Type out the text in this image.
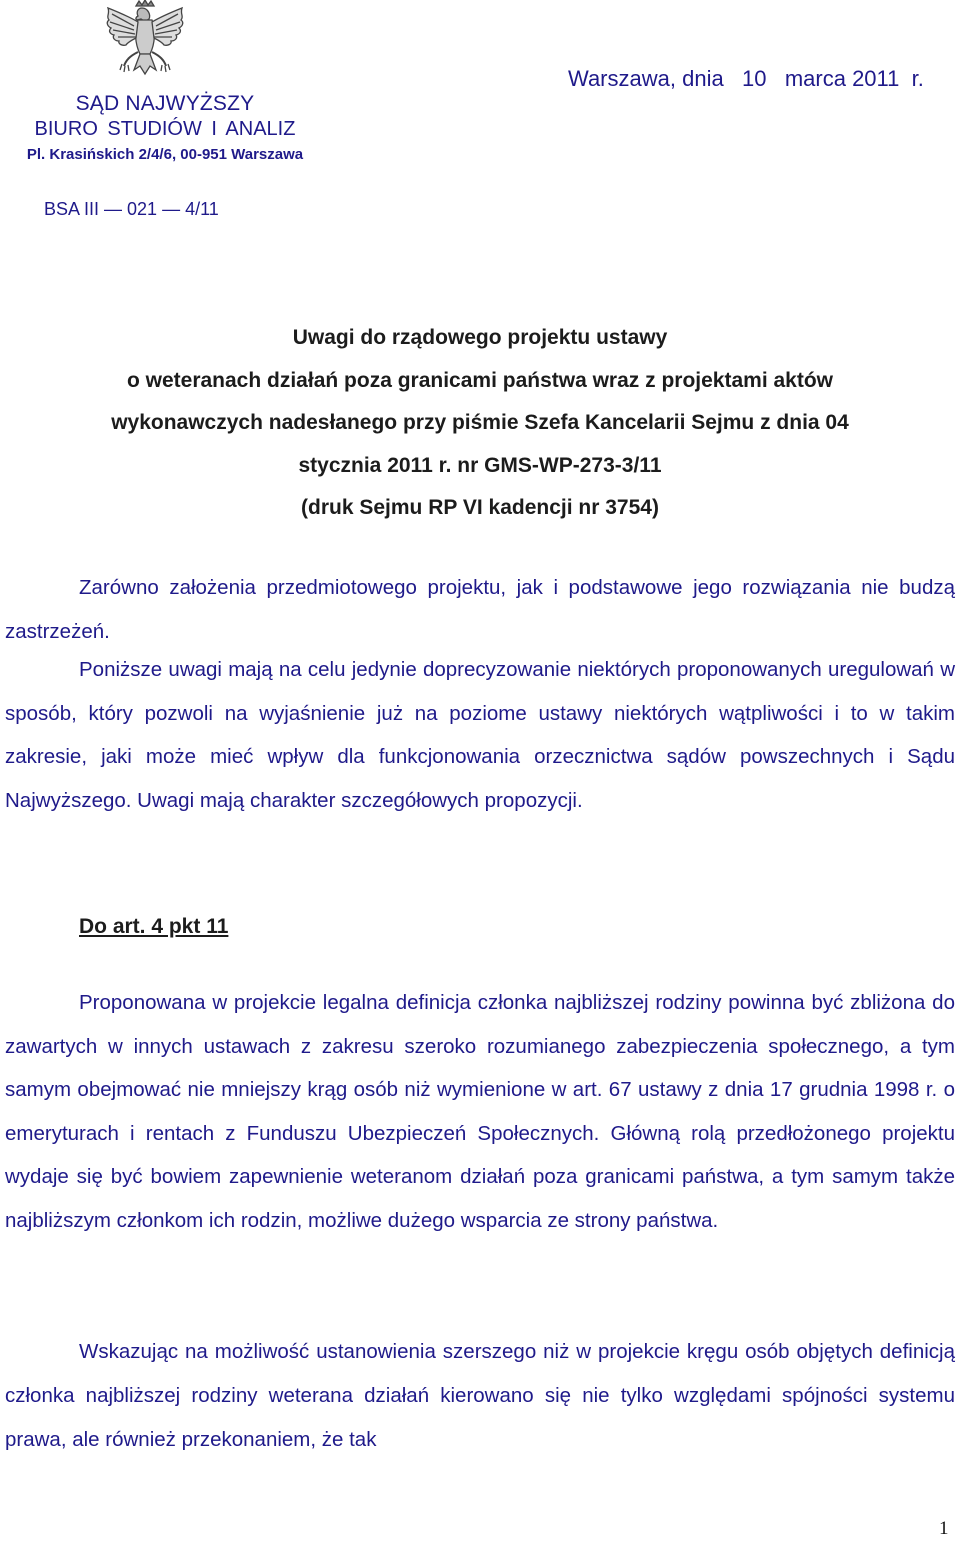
SĄD NAJWYŻSZY
BIURO STUDIÓW I ANALIZ
Pl. Krasińskich 2/4/6, 00-951 Warszawa
Warszawa, dnia   10   marca 2011  r.
BSA III — 021 — 4/11
Uwagi do rządowego projektu ustawy
o weteranach działań poza granicami państwa wraz z projektami aktów
wykonawczych nadesłanego przy piśmie Szefa Kancelarii Sejmu z dnia 04
stycznia 2011 r. nr GMS-WP-273-3/11
(druk Sejmu RP VI kadencji nr 3754)

Zarówno założenia przedmiotowego projektu, jak i podstawowe jego rozwiązania nie budzą zastrzeżeń.

Poniższe uwagi mają na celu jedynie doprecyzowanie niektórych proponowanych uregulowań w sposób, który pozwoli na wyjaśnienie już na poziome ustawy niektórych wątpliwości i to w takim zakresie, jaki może mieć wpływ dla funkcjonowania orzecznictwa sądów powszechnych i Sądu Najwyższego. Uwagi mają charakter szczegółowych propozycji.

Do art. 4 pkt 11

Proponowana w projekcie legalna definicja członka najbliższej rodziny powinna być zbliżona do zawartych w innych ustawach z zakresu szeroko rozumianego zabezpieczenia społecznego, a tym samym obejmować nie mniejszy krąg osób niż wymienione w art. 67 ustawy z dnia 17 grudnia 1998 r. o emeryturach i rentach z Funduszu Ubezpieczeń Społecznych. Główną rolą przedłożonego projektu wydaje się być bowiem zapewnienie weteranom działań poza granicami państwa, a tym samym także najbliższym członkom ich rodzin, możliwe dużego wsparcia ze strony państwa.

Wskazując na możliwość ustanowienia szerszego niż w projekcie kręgu osób objętych definicją członka najbliższej rodziny weterana działań kierowano się nie tylko względami spójności systemu prawa, ale również przekonaniem, że tak

1
